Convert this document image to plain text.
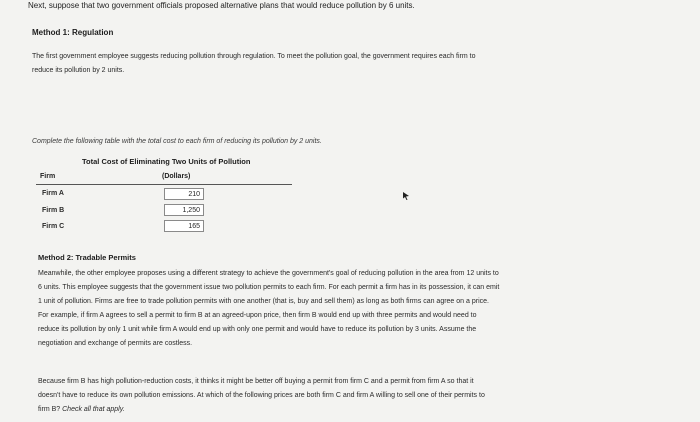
Next, suppose that two government officials proposed alternative plans that would reduce pollution by 6 units.
Method 1: Regulation
The first government employee suggests reducing pollution through regulation. To meet the pollution goal, the government requires each firm to
reduce its pollution by 2 units.
Complete the following table with the total cost to each firm of reducing its pollution by 2 units.
Total Cost of Eliminating Two Units of Pollution
Firm	(Dollars)
Firm A	210
Firm B	1,250
Firm C	165
Method 2: Tradable Permits
Meanwhile, the other employee proposes using a different strategy to achieve the government's goal of reducing pollution in the area from 12 units to
6 units. This employee suggests that the government issue two pollution permits to each firm. For each permit a firm has in its possession, it can emit
1 unit of pollution. Firms are free to trade pollution permits with one another (that is, buy and sell them) as long as both firms can agree on a price.
For example, if firm A agrees to sell a permit to firm B at an agreed-upon price, then firm B would end up with three permits and would need to
reduce its pollution by only 1 unit while firm A would end up with only one permit and would have to reduce its pollution by 3 units. Assume the
negotiation and exchange of permits are costless.
Because firm B has high pollution-reduction costs, it thinks it might be better off buying a permit from firm C and a permit from firm A so that it
doesn't have to reduce its own pollution emissions. At which of the following prices are both firm C and firm A willing to sell one of their permits to
firm B? Check all that apply.
